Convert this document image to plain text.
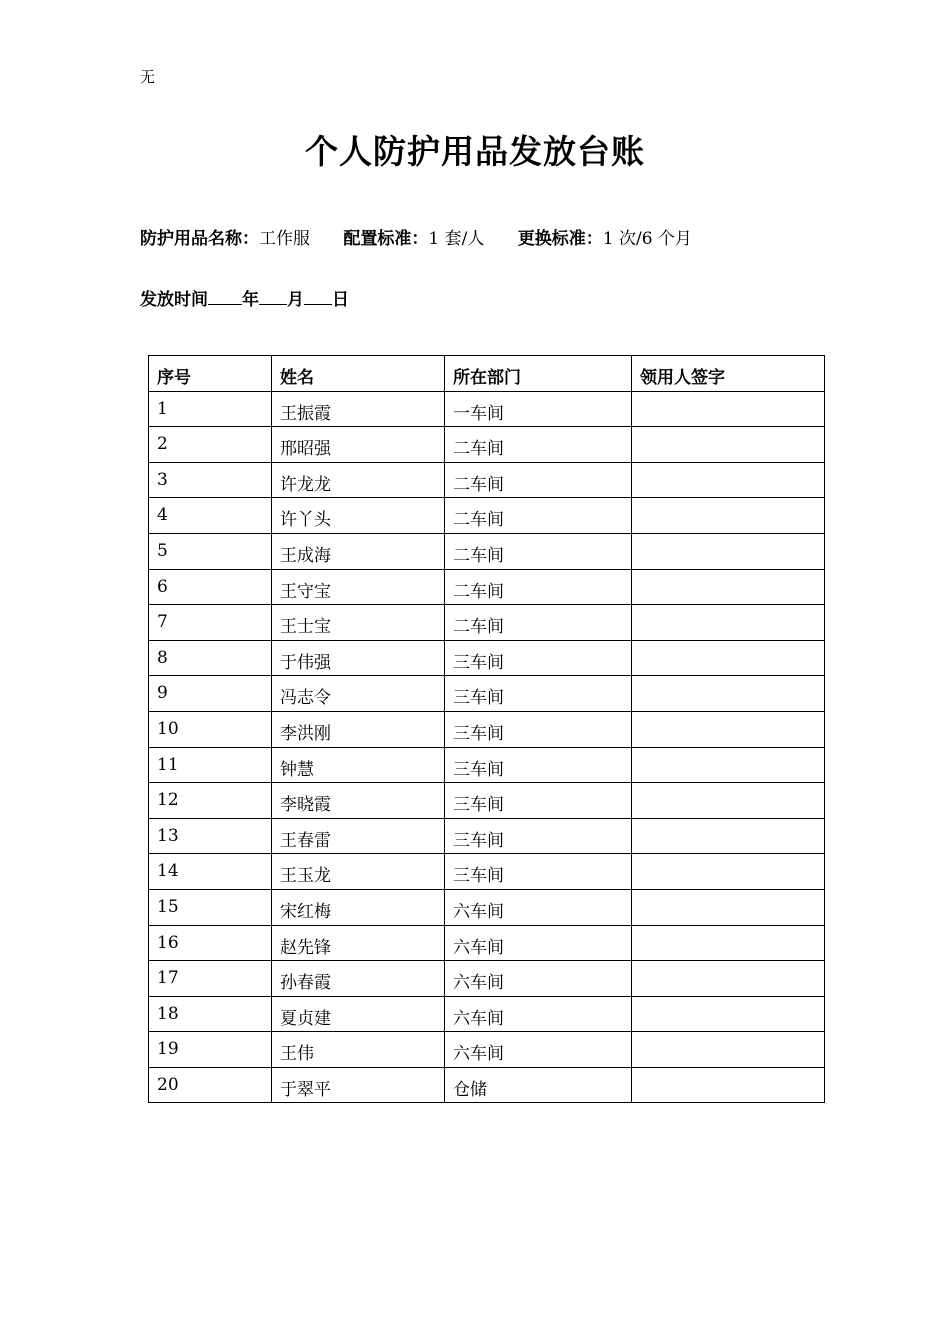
无
个人防护用品发放台账
防护用品名称：工作服 配置标准：1 套/人 更换标准：1 次/6 个月
发放时间 年 月 日
序号	姓名	所在部门	领用人签字
1	王振霞	一车间	
2	邢昭强	二车间	
3	许龙龙	二车间	
4	许丫头	二车间	
5	王成海	二车间	
6	王守宝	二车间	
7	王士宝	二车间	
8	于伟强	三车间	
9	冯志令	三车间	
10	李洪刚	三车间	
11	钟慧	三车间	
12	李晓霞	三车间	
13	王春雷	三车间	
14	王玉龙	三车间	
15	宋红梅	六车间	
16	赵先锋	六车间	
17	孙春霞	六车间	
18	夏贞建	六车间	
19	王伟	六车间	
20	于翠平	仓储	
